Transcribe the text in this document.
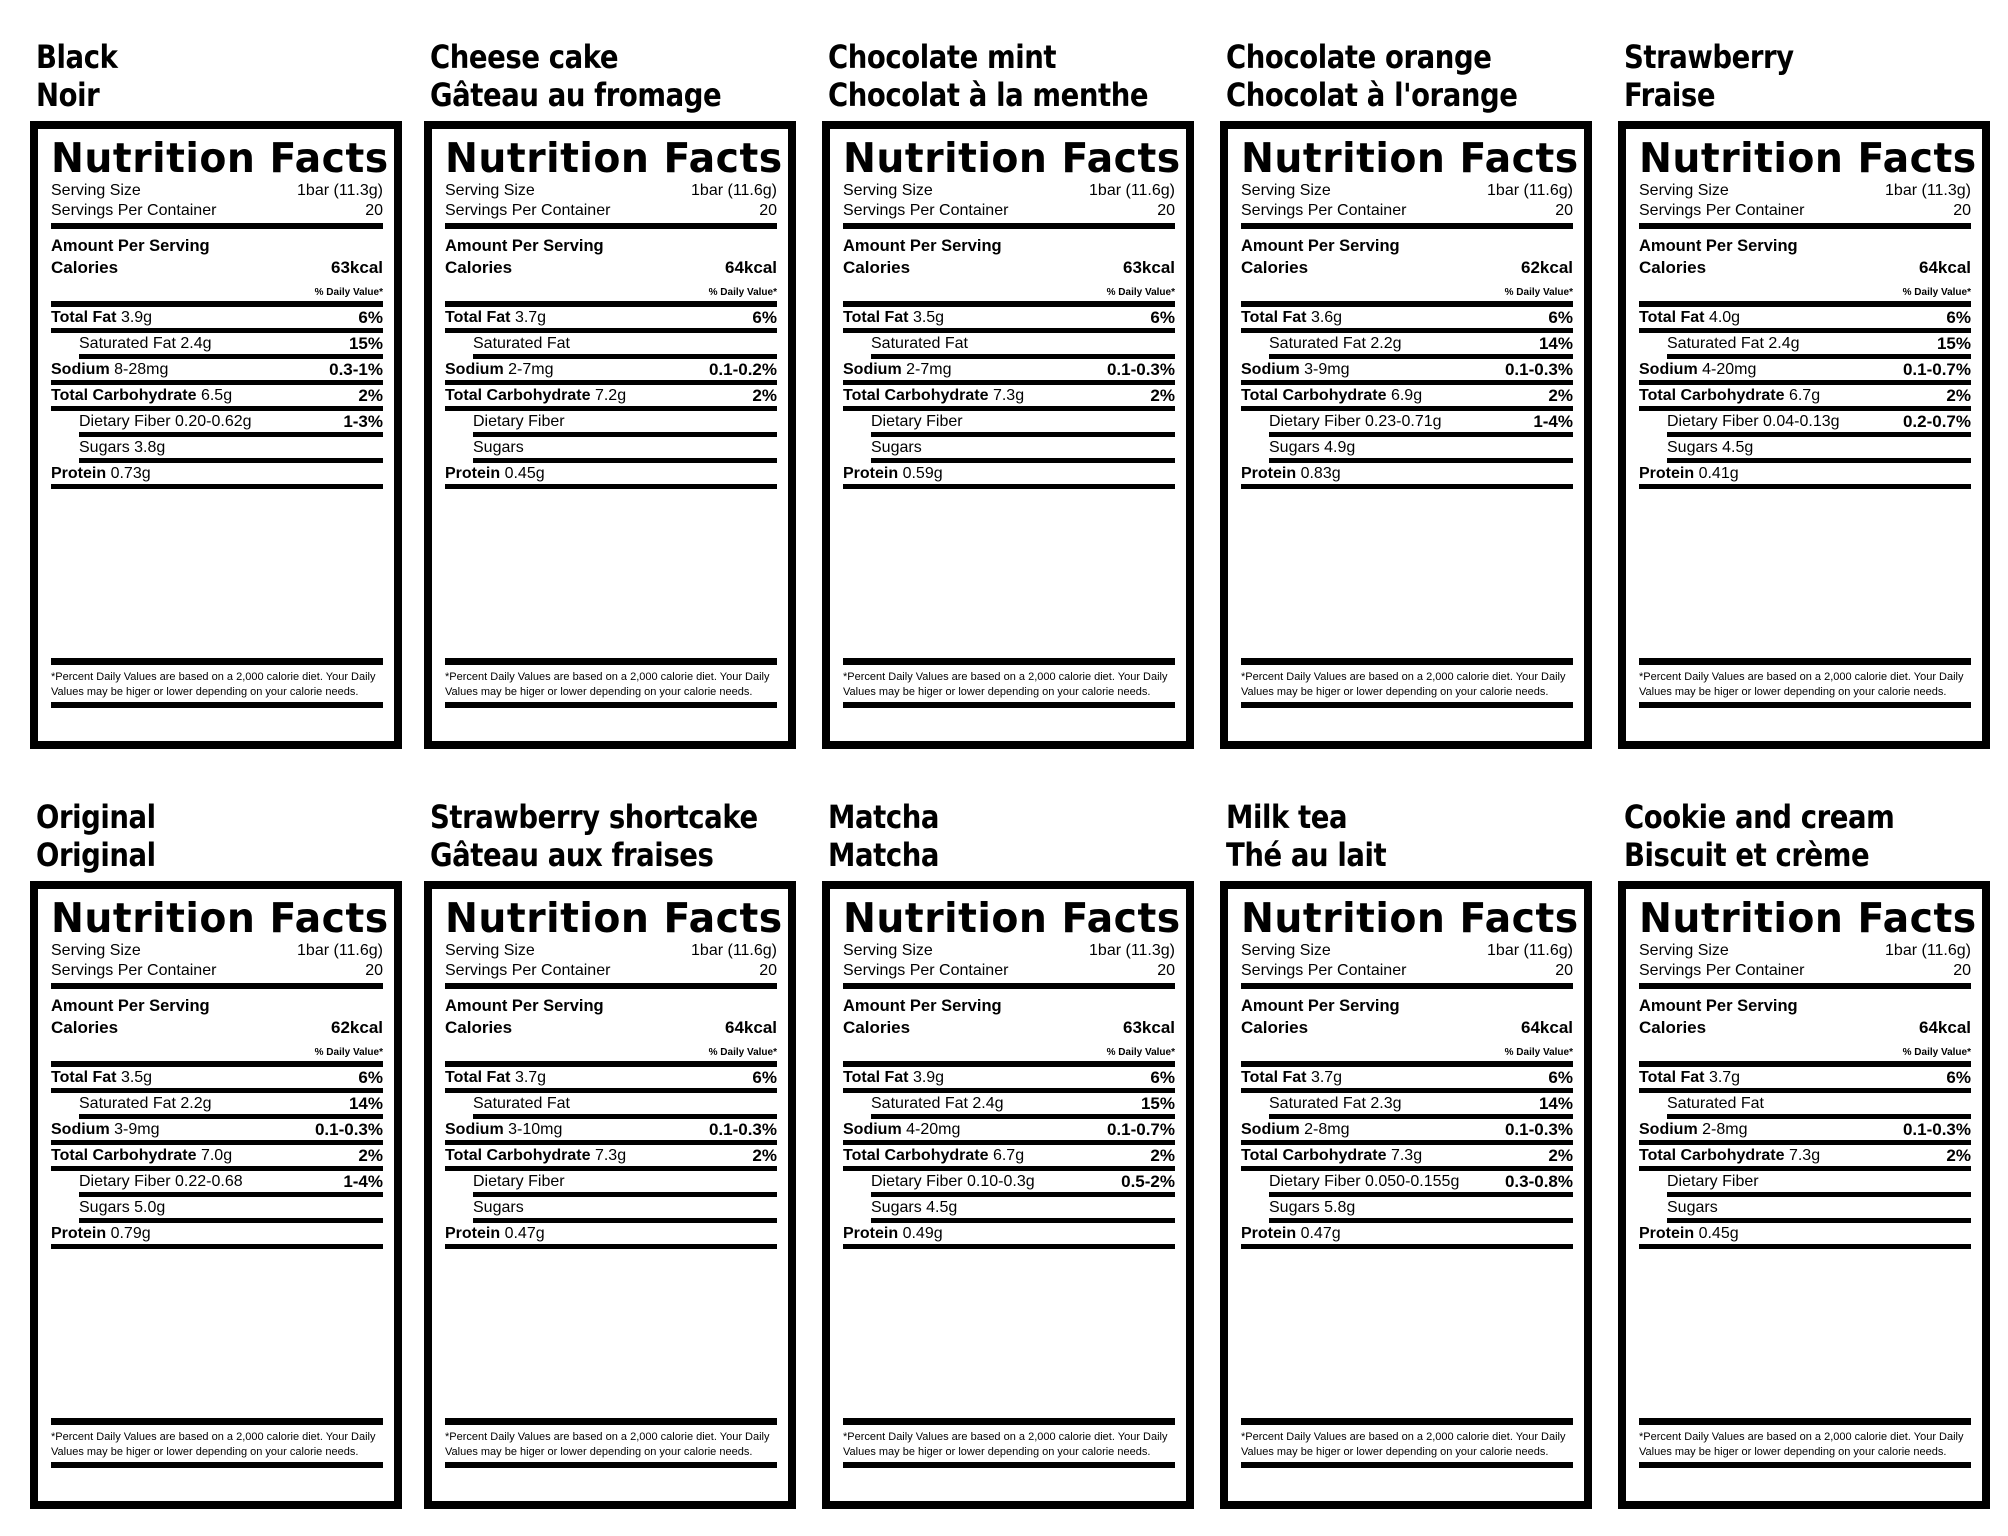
Black
Noir
Nutrition Facts
Serving Size	1bar (11.3g)
Servings Per Container	20
Amount Per Serving
Calories	63kcal
% Daily Value*
Total Fat 3.9g	6%
Saturated Fat 2.4g	15%
Sodium 8-28mg	0.3-1%
Total Carbohydrate 6.5g	2%
Dietary Fiber 0.20-0.62g	1-3%
Sugars 3.8g
Protein 0.73g
*Percent Daily Values are based on a 2,000 calorie diet. Your Daily Values may be higer or lower depending on your calorie needs.
Cheese cake
Gâteau au fromage
Nutrition Facts
Serving Size	1bar (11.6g)
Servings Per Container	20
Amount Per Serving
Calories	64kcal
% Daily Value*
Total Fat 3.7g	6%
Saturated Fat
Sodium 2-7mg	0.1-0.2%
Total Carbohydrate 7.2g	2%
Dietary Fiber
Sugars
Protein 0.45g
*Percent Daily Values are based on a 2,000 calorie diet. Your Daily Values may be higer or lower depending on your calorie needs.
Chocolate mint
Chocolat à la menthe
Nutrition Facts
Serving Size	1bar (11.6g)
Servings Per Container	20
Amount Per Serving
Calories	63kcal
% Daily Value*
Total Fat 3.5g	6%
Saturated Fat
Sodium 2-7mg	0.1-0.3%
Total Carbohydrate 7.3g	2%
Dietary Fiber
Sugars
Protein 0.59g
*Percent Daily Values are based on a 2,000 calorie diet. Your Daily Values may be higer or lower depending on your calorie needs.
Chocolate orange
Chocolat à l'orange
Nutrition Facts
Serving Size	1bar (11.6g)
Servings Per Container	20
Amount Per Serving
Calories	62kcal
% Daily Value*
Total Fat 3.6g	6%
Saturated Fat 2.2g	14%
Sodium 3-9mg	0.1-0.3%
Total Carbohydrate 6.9g	2%
Dietary Fiber 0.23-0.71g	1-4%
Sugars 4.9g
Protein 0.83g
*Percent Daily Values are based on a 2,000 calorie diet. Your Daily Values may be higer or lower depending on your calorie needs.
Strawberry
Fraise
Nutrition Facts
Serving Size	1bar (11.3g)
Servings Per Container	20
Amount Per Serving
Calories	64kcal
% Daily Value*
Total Fat 4.0g	6%
Saturated Fat 2.4g	15%
Sodium 4-20mg	0.1-0.7%
Total Carbohydrate 6.7g	2%
Dietary Fiber 0.04-0.13g	0.2-0.7%
Sugars 4.5g
Protein 0.41g
*Percent Daily Values are based on a 2,000 calorie diet. Your Daily Values may be higer or lower depending on your calorie needs.
Original
Original
Nutrition Facts
Serving Size	1bar (11.6g)
Servings Per Container	20
Amount Per Serving
Calories	62kcal
% Daily Value*
Total Fat 3.5g	6%
Saturated Fat 2.2g	14%
Sodium 3-9mg	0.1-0.3%
Total Carbohydrate 7.0g	2%
Dietary Fiber 0.22-0.68	1-4%
Sugars 5.0g
Protein 0.79g
*Percent Daily Values are based on a 2,000 calorie diet. Your Daily Values may be higer or lower depending on your calorie needs.
Strawberry shortcake
Gâteau aux fraises
Nutrition Facts
Serving Size	1bar (11.6g)
Servings Per Container	20
Amount Per Serving
Calories	64kcal
% Daily Value*
Total Fat 3.7g	6%
Saturated Fat
Sodium 3-10mg	0.1-0.3%
Total Carbohydrate 7.3g	2%
Dietary Fiber
Sugars
Protein 0.47g
*Percent Daily Values are based on a 2,000 calorie diet. Your Daily Values may be higer or lower depending on your calorie needs.
Matcha
Matcha
Nutrition Facts
Serving Size	1bar (11.3g)
Servings Per Container	20
Amount Per Serving
Calories	63kcal
% Daily Value*
Total Fat 3.9g	6%
Saturated Fat 2.4g	15%
Sodium 4-20mg	0.1-0.7%
Total Carbohydrate 6.7g	2%
Dietary Fiber 0.10-0.3g	0.5-2%
Sugars 4.5g
Protein 0.49g
*Percent Daily Values are based on a 2,000 calorie diet. Your Daily Values may be higer or lower depending on your calorie needs.
Milk tea
Thé au lait
Nutrition Facts
Serving Size	1bar (11.6g)
Servings Per Container	20
Amount Per Serving
Calories	64kcal
% Daily Value*
Total Fat 3.7g	6%
Saturated Fat 2.3g	14%
Sodium 2-8mg	0.1-0.3%
Total Carbohydrate 7.3g	2%
Dietary Fiber 0.050-0.155g	0.3-0.8%
Sugars 5.8g
Protein 0.47g
*Percent Daily Values are based on a 2,000 calorie diet. Your Daily Values may be higer or lower depending on your calorie needs.
Cookie and cream
Biscuit et crème
Nutrition Facts
Serving Size	1bar (11.6g)
Servings Per Container	20
Amount Per Serving
Calories	64kcal
% Daily Value*
Total Fat 3.7g	6%
Saturated Fat
Sodium 2-8mg	0.1-0.3%
Total Carbohydrate 7.3g	2%
Dietary Fiber
Sugars
Protein 0.45g
*Percent Daily Values are based on a 2,000 calorie diet. Your Daily Values may be higer or lower depending on your calorie needs.
